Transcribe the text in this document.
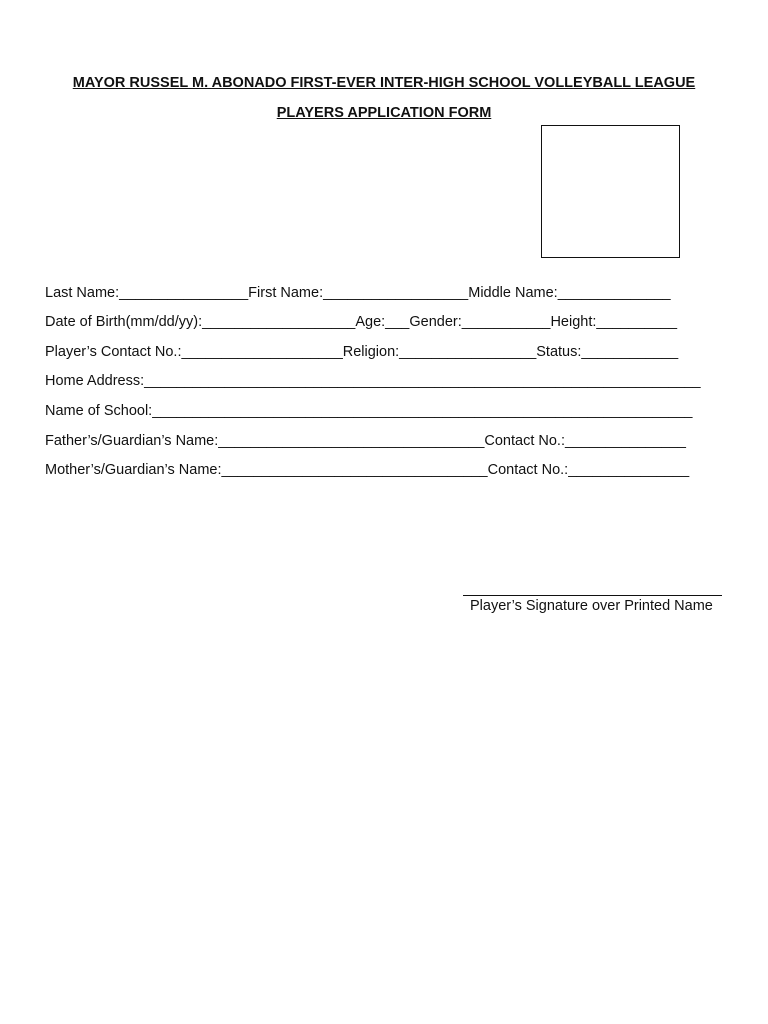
MAYOR RUSSEL M. ABONADO FIRST-EVER INTER-HIGH SCHOOL VOLLEYBALL LEAGUE
PLAYERS APPLICATION FORM
Last Name:________________First Name:__________________Middle Name:______________
Date of Birth(mm/dd/yy):___________________Age:___Gender:___________Height:__________
Player’s Contact No.:____________________Religion:_________________Status:____________
Home Address:_____________________________________________________________________
Name of School:___________________________________________________________________
Father’s/Guardian’s Name:_________________________________Contact No.:_______________
Mother’s/Guardian’s Name:_________________________________Contact No.:_______________
Player’s Signature over Printed Name
